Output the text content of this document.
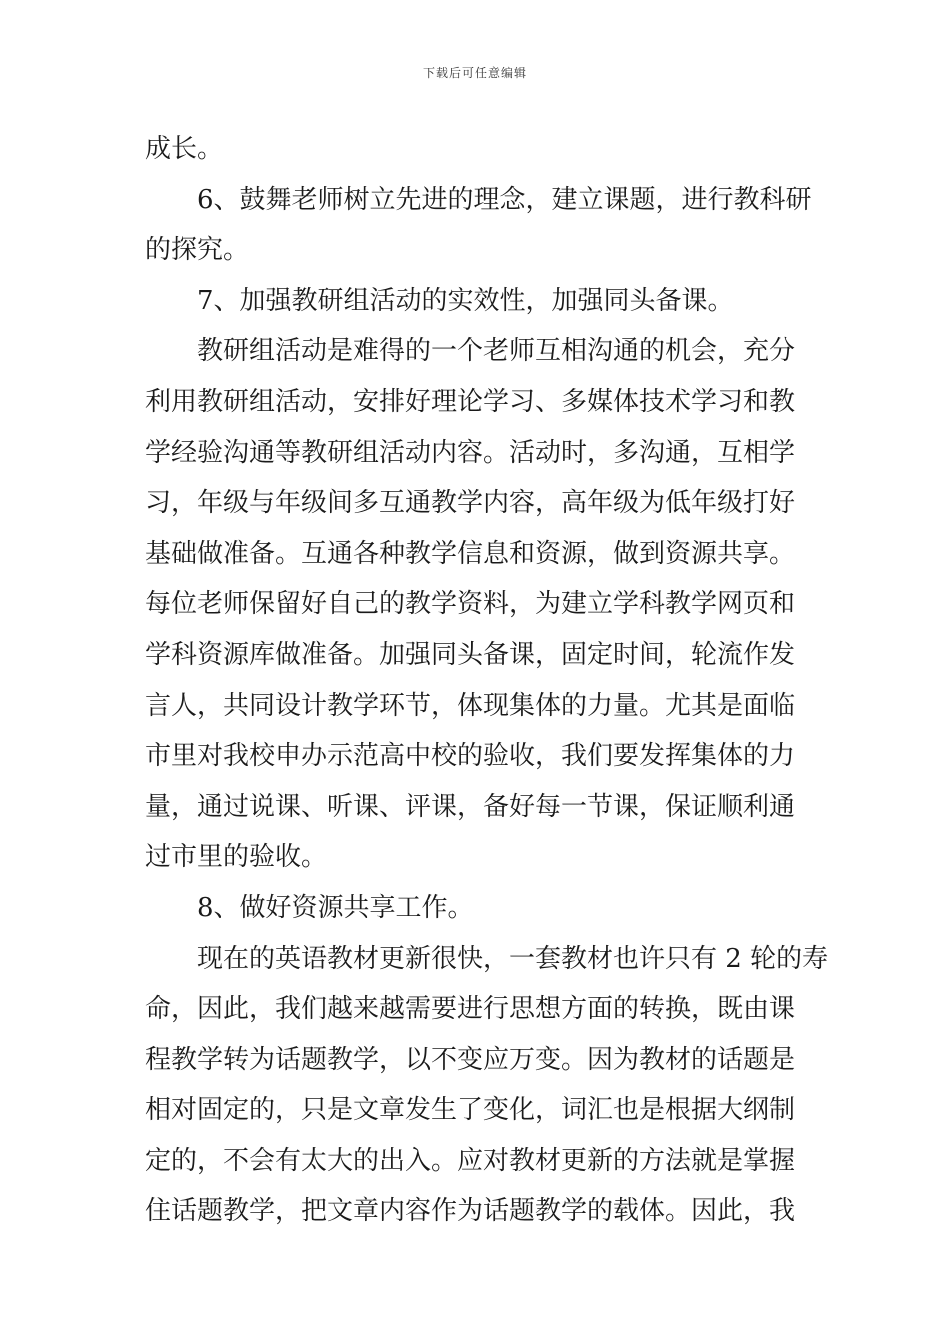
下载后可任意编辑
成长。
6、鼓舞老师树立先进的理念，建立课题，进行教科研
的探究。
7、加强教研组活动的实效性，加强同头备课。
教研组活动是难得的一个老师互相沟通的机会，充分
利用教研组活动，安排好理论学习、多媒体技术学习和教
学经验沟通等教研组活动内容。活动时，多沟通，互相学
习，年级与年级间多互通教学内容，高年级为低年级打好
基础做准备。互通各种教学信息和资源，做到资源共享。
每位老师保留好自己的教学资料，为建立学科教学网页和
学科资源库做准备。加强同头备课，固定时间，轮流作发
言人，共同设计教学环节，体现集体的力量。尤其是面临
市里对我校申办示范高中校的验收，我们要发挥集体的力
量，通过说课、听课、评课，备好每一节课，保证顺利通
过市里的验收。
8、做好资源共享工作。
现在的英语教材更新很快，一套教材也许只有 2 轮的寿
命，因此，我们越来越需要进行思想方面的转换，既由课
程教学转为话题教学，以不变应万变。因为教材的话题是
相对固定的，只是文章发生了变化，词汇也是根据大纲制
定的，不会有太大的出入。应对教材更新的方法就是掌握
住话题教学，把文章内容作为话题教学的载体。因此，我
